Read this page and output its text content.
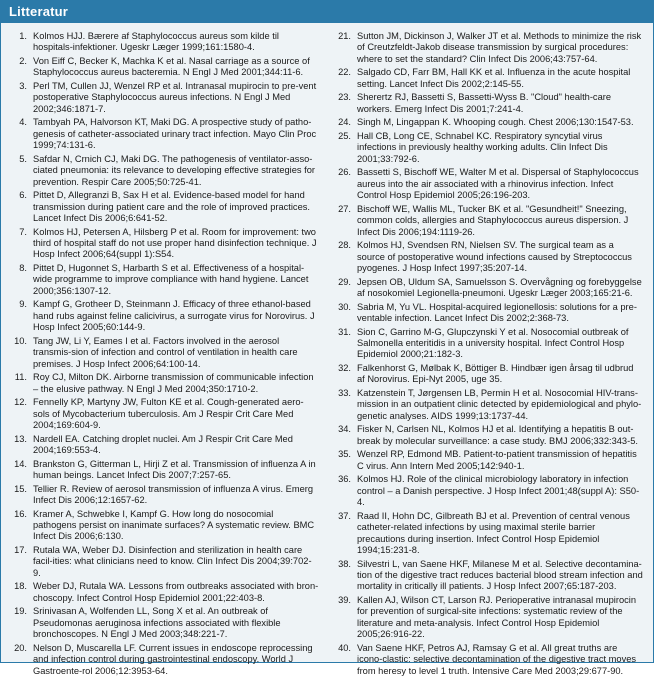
Litteratur
1. Kolmos HJJ. Bærere af Staphylococcus aureus som kilde til hospitals-infektioner. Ugeskr Læger 1999;161:1580-4.
2. Von Eiff C, Becker K, Machka K et al. Nasal carriage as a source of Staphylococcus aureus bacteremia. N Engl J Med 2001;344:11-6.
3. Perl TM, Cullen JJ, Wenzel RP et al. Intranasal mupirocin to pre-vent postoperative Staphylococcus aureus infections. N Engl J Med 2002;346:1871-7.
4. Tambyah PA, Halvorson KT, Maki DG. A prospective study of patho-genesis of catheter-associated urinary tract infection. Mayo Clin Proc 1999;74:131-6.
5. Safdar N, Crnich CJ, Maki DG. The pathogenesis of ventilator-asso-ciated pneumonia: its relevance to developing effective strategies for prevention. Respir Care 2005;50:725-41.
6. Pittet D, Allegranzi B, Sax H et al. Evidence-based model for hand transmission during patient care and the role of improved practices. Lancet Infect Dis 2006;6:641-52.
7. Kolmos HJ, Petersen A, Hilsberg P et al. Room for improvement: two third of hospital staff do not use proper hand disinfection technique. J Hosp Infect 2006;64(suppl 1):S54.
8. Pittet D, Hugonnet S, Harbarth S et al. Effectiveness of a hospital-wide programme to improve compliance with hand hygiene. Lancet 2000;356:1307-12.
9. Kampf G, Grotheer D, Steinmann J. Efficacy of three ethanol-based hand rubs against feline calicivirus, a surrogate virus for Norovirus. J Hosp Infect 2005;60:144-9.
10. Tang JW, Li Y, Eames I et al. Factors involved in the aerosol transmis-sion of infection and control of ventilation in health care premises. J Hosp Infect 2006;64:100-14.
11. Roy CJ, Milton DK. Airborne transmission of communicable infection – the elusive pathway. N Engl J Med 2004;350:1710-2.
12. Fennelly KP, Martyny JW, Fulton KE et al. Cough-generated aero-sols of Mycobacterium tuberculosis. Am J Respir Crit Care Med 2004;169:604-9.
13. Nardell EA. Catching droplet nuclei. Am J Respir Crit Care Med 2004;169:553-4.
14. Brankston G, Gitterman L, Hirji Z et al. Transmission of influenza A in human beings. Lancet Infect Dis 2007;7:257-65.
15. Tellier R. Review of aerosol transmission of influenza A virus. Emerg Infect Dis 2006;12:1657-62.
16. Kramer A, Schwebke I, Kampf G. How long do nosocomial pathogens persist on inanimate surfaces? A systematic review. BMC Infect Dis 2006;6:130.
17. Rutala WA, Weber DJ. Disinfection and sterilization in health care facil-ities: what clinicians need to know. Clin Infect Dis 2004;39:702-9.
18. Weber DJ, Rutala WA. Lessons from outbreaks associated with bron-choscopy. Infect Control Hosp Epidemiol 2001;22:403-8.
19. Srinivasan A, Wolfenden LL, Song X et al. An outbreak of Pseudomonas aeruginosa infections associated with flexible bronchoscopes. N Engl J Med 2003;348:221-7.
20. Nelson D, Muscarella LF. Current issues in endoscope reprocessing and infection control during gastrointestinal endoscopy. World J Gastroente-rol 2006;12:3953-64.
21. Sutton JM, Dickinson J, Walker JT et al. Methods to minimize the risk of Creutzfeldt-Jakob disease transmission by surgical procedures: where to set the standard? Clin Infect Dis 2006;43:757-64.
22. Salgado CD, Farr BM, Hall KK et al. Influenza in the acute hospital setting. Lancet Infect Dis 2002;2:145-55.
23. Sherertz RJ, Bassetti S, Bassetti-Wyss B. "Cloud" health-care workers. Emerg Infect Dis 2001;7:241-4.
24. Singh M, Lingappan K. Whooping cough. Chest 2006;130:1547-53.
25. Hall CB, Long CE, Schnabel KC. Respiratory syncytial virus infections in previously healthy working adults. Clin Infect Dis 2001;33:792-6.
26. Bassetti S, Bischoff WE, Walter M et al. Dispersal of Staphylococcus aureus into the air associated with a rhinovirus infection. Infect Control Hosp Epidemiol 2005;26:196-203.
27. Bischoff WE, Wallis ML, Tucker BK et al. "Gesundheit!" Sneezing, common colds, allergies and Staphylococcus aureus dispersion. J Infect Dis 2006;194:1119-26.
28. Kolmos HJ, Svendsen RN, Nielsen SV. The surgical team as a source of postoperative wound infections caused by Streptococcus pyogenes. J Hosp Infect 1997;35:207-14.
29. Jepsen OB, Uldum SA, Samuelsson S. Overvågning og forebyggelse af nosokomiel Legionella-pneumoni. Ugeskr Læger 2003;165:21-6.
30. Sabria M, Yu VL. Hospital-acquired legionellosis: solutions for a pre-ventable infection. Lancet Infect Dis 2002;2:368-73.
31. Sion C, Garrino M-G, Glupczynski Y et al. Nosocomial outbreak of Salmonella enteritidis in a university hospital. Infect Control Hosp Epidemiol 2000;21:182-3.
32. Falkenhorst G, Mølbak K, Böttiger B. Hindbær igen årsag til udbrud af Norovirus. Epi-Nyt 2005, uge 35.
33. Katzenstein T, Jørgensen LB, Permin H et al. Nosocomial HIV-trans-mission in an outpatient clinic detected by epidemiological and phylo-genetic analyses. AIDS 1999;13:1737-44.
34. Fisker N, Carlsen NL, Kolmos HJ et al. Identifying a hepatitis B out-break by molecular surveillance: a case study. BMJ 2006;332:343-5.
35. Wenzel RP, Edmond MB. Patient-to-patient transmission of hepatitis C virus. Ann Intern Med 2005;142:940-1.
36. Kolmos HJ. Role of the clinical microbiology laboratory in infection control – a Danish perspective. J Hosp Infect 2001;48(suppl A): S50-4.
37. Raad II, Hohn DC, Gilbreath BJ et al. Prevention of central venous catheter-related infections by using maximal sterile barrier precautions during insertion. Infect Control Hosp Epidemiol 1994;15:231-8.
38. Silvestri L, van Saene HKF, Milanese M et al. Selective decontamina-tion of the digestive tract reduces bacterial blood stream infection and mortality in critically ill patients. J Hosp Infect 2007;65:187-203.
39. Kallen AJ, Wilson CT, Larson RJ. Perioperative intranasal mupirocin for prevention of surgical-site infections: systematic review of the literature and meta-analysis. Infect Control Hosp Epidemiol 2005;26:916-22.
40. Van Saene HKF, Petros AJ, Ramsay G et al. All great truths are icono-clastic: selective decontamination of the digestive tract moves from heresy to level 1 truth. Intensive Care Med 2003;29:677-90.
